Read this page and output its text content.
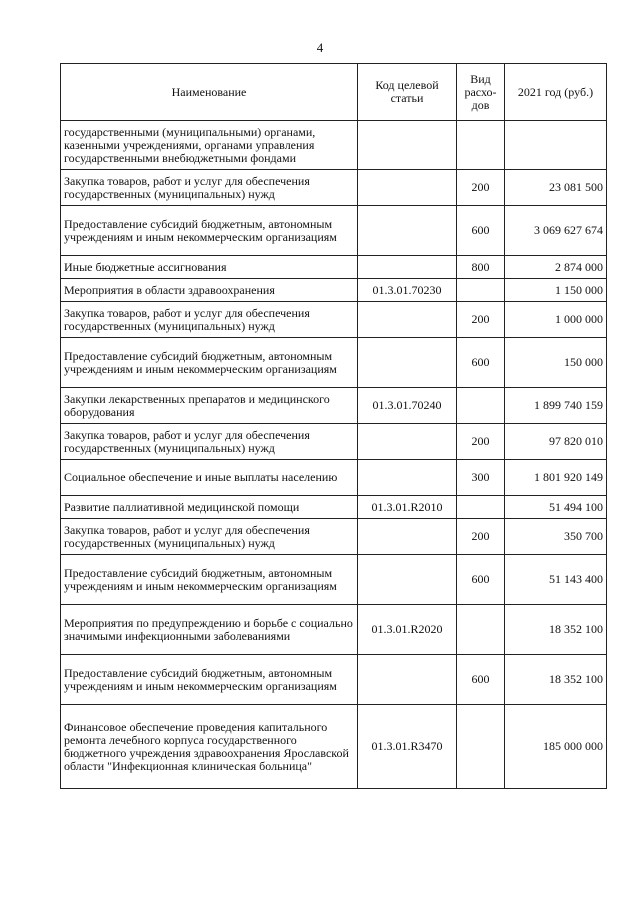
4
Наименование	Код целевой статьи	Вид расхо-дов	2021 год (руб.)
государственными (муниципальными) органами, казенными учреждениями, органами управления государственными внебюджетными фондами			
Закупка товаров, работ и услуг для обеспечения государственных (муниципальных) нужд		200	23 081 500
Предоставление субсидий бюджетным, автономным учреждениям и иным некоммерческим организациям		600	3 069 627 674
Иные бюджетные ассигнования		800	2 874 000
Мероприятия в области здравоохранения	01.3.01.70230		1 150 000
Закупка товаров, работ и услуг для обеспечения государственных (муниципальных) нужд		200	1 000 000
Предоставление субсидий бюджетным, автономным учреждениям и иным некоммерческим организациям		600	150 000
Закупки лекарственных препаратов и медицинского оборудования	01.3.01.70240		1 899 740 159
Закупка товаров, работ и услуг для обеспечения государственных (муниципальных) нужд		200	97 820 010
Социальное обеспечение и иные выплаты населению		300	1 801 920 149
Развитие паллиативной медицинской помощи	01.3.01.R2010		51 494 100
Закупка товаров, работ и услуг для обеспечения государственных (муниципальных) нужд		200	350 700
Предоставление субсидий бюджетным, автономным учреждениям и иным некоммерческим организациям		600	51 143 400
Мероприятия по предупреждению и борьбе с социально значимыми инфекционными заболеваниями	01.3.01.R2020		18 352 100
Предоставление субсидий бюджетным, автономным учреждениям и иным некоммерческим организациям		600	18 352 100
Финансовое обеспечение проведения капитального ремонта лечебного корпуса государственного бюджетного учреждения здравоохранения Ярославской области "Инфекционная клиническая больница"	01.3.01.R3470		185 000 000
